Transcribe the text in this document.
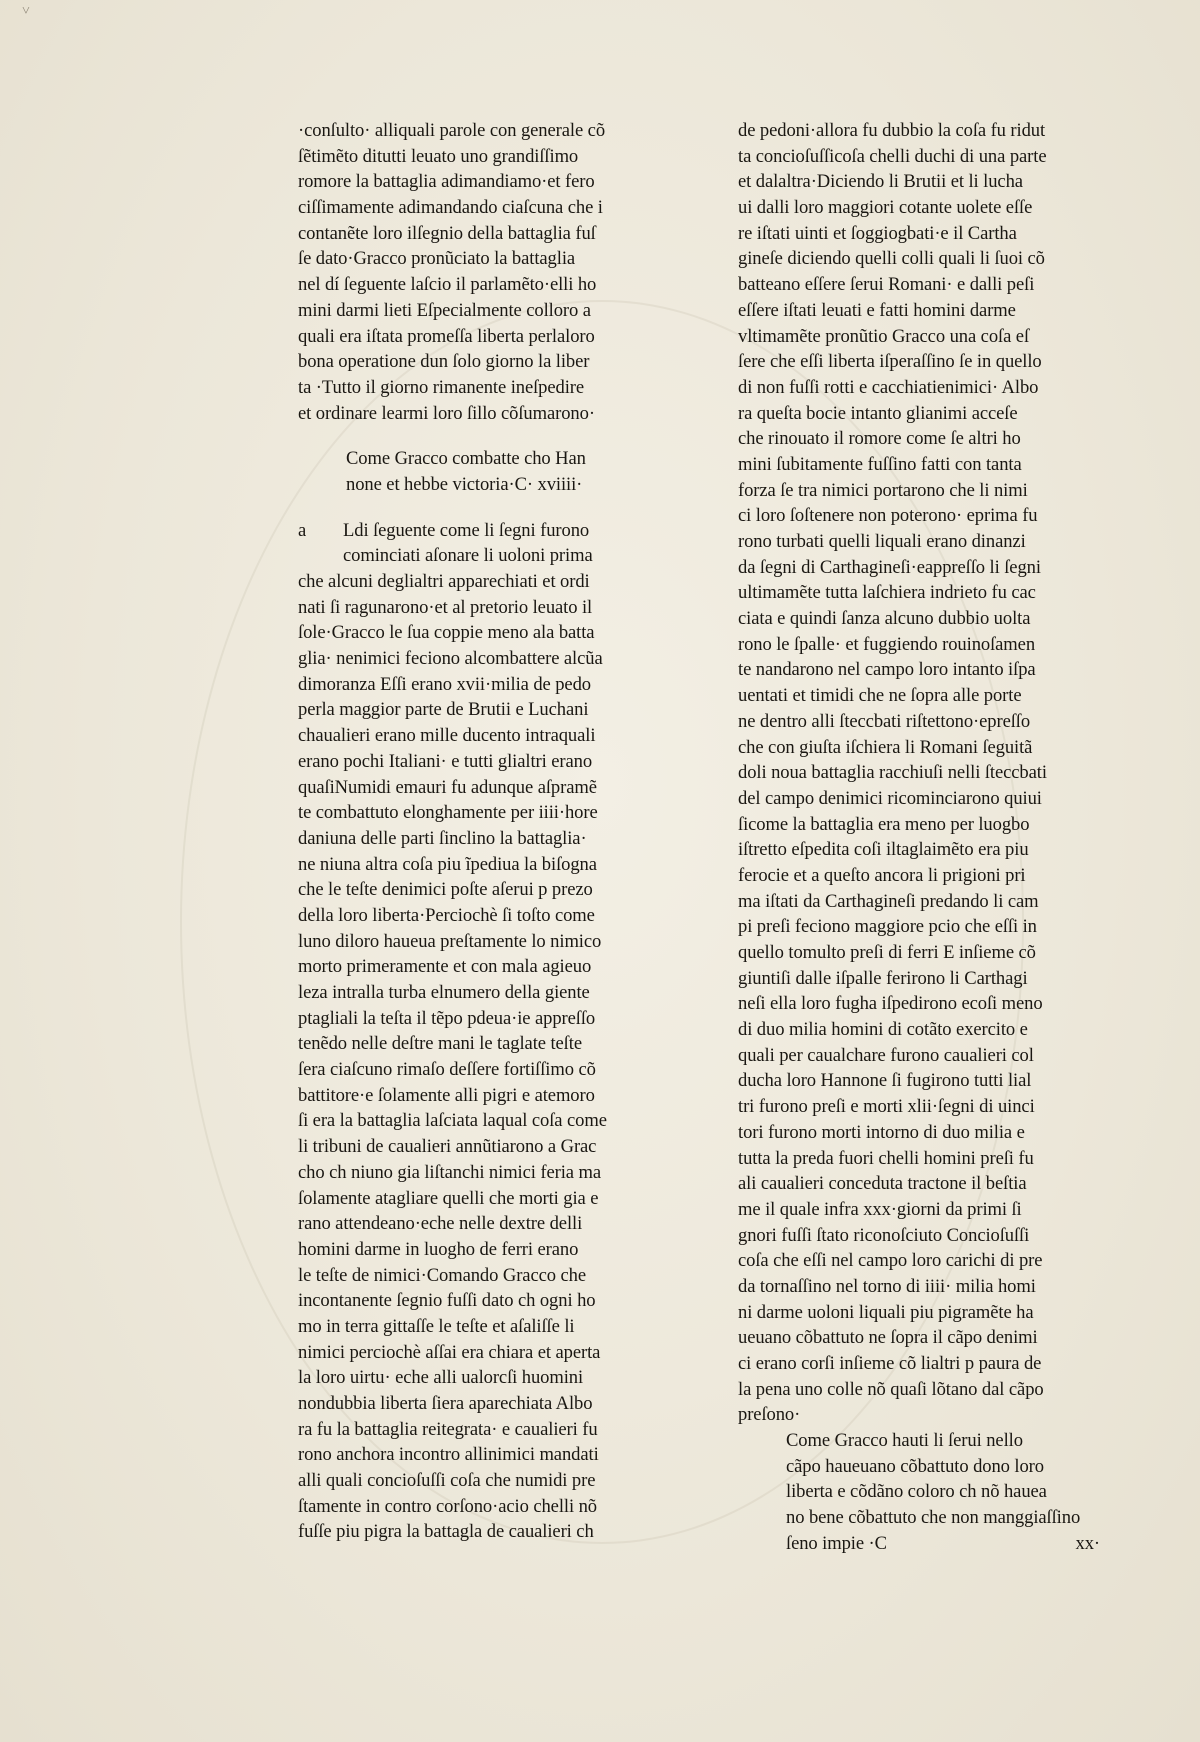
˅
·conſulto· alliquali parole con generale cõ
ſẽtimẽto ditutti leuato uno grandiſſimo
romore la battaglia adimandiamo·et fero
ciſſimamente adimandando ciaſcuna che i
contanẽte loro ilſegnio della battaglia fuſ
ſe dato·Gracco pronũciato la battaglia
nel dí ſeguente laſcio il parlamẽto·elli ho
mini darmi lieti Eſpecialmente colloro a
quali era iſtata promeſſa liberta perlaloro
bona operatione dun ſolo giorno la liber
ta ·Tutto il giorno rimanente ineſpedire
et ordinare learmi loro ſillo cõſumarono·
Come Gracco combatte cho Han
none et hebbe victoria·C· xviiii·
a Ldi ſeguente come li ſegni furono
cominciati aſonare li uoloni prima
che alcuni deglialtri apparechiati et ordi
nati ſi ragunarono·et al pretorio leuato il
ſole·Gracco le ſua coppie meno ala batta
glia· nenimici feciono alcombattere alcũa
dimoranza Eſſi erano xvii·milia de pedo
perla maggior parte de Brutii e Luchani
chaualieri erano mille ducento intraquali
erano pochi Italiani· e tutti glialtri erano
quaſiNumidi emauri fu adunque aſpramẽ
te combattuto elonghamente per iiii·hore
daniuna delle parti ſinclino la battaglia·
ne niuna altra coſa piu ĩpediua la biſogna
che le teſte denimici poſte aſerui p prezo
della loro liberta·Perciochè ſi toſto come
luno diloro haueua preſtamente lo nimico
morto primeramente et con mala agieuo
leza intralla turba elnumero della giente
ptagliali la teſta il tẽpo pdeua·ie appreſſo
tenẽdo nelle deſtre mani le taglate teſte
ſera ciaſcuno rimaſo deſſere fortiſſimo cõ
battitore·e ſolamente alli pigri e atemoro
ſi era la battaglia laſciata laqual coſa come
li tribuni de caualieri annũtiarono a Grac
cho ch niuno gia liſtanchi nimici feria ma
ſolamente atagliare quelli che morti gia e
rano attendeano·eche nelle dextre delli
homini darme in luogho de ferri erano
le teſte de nimici·Comando Gracco che
incontanente ſegnio fuſſi dato ch ogni ho
mo in terra gittaſſe le teſte et aſaliſſe li
nimici perciochè aſſai era chiara et aperta
la loro uirtu· eche alli ualorcſi huomini
nondubbia liberta ſiera aparechiata Albo
ra fu la battaglia reitegrata· e caualieri fu
rono anchora incontro allinimici mandati
alli quali concioſuſſi coſa che numidi pre
ſtamente in contro corſono·acio chelli nõ
fuſſe piu pigra la battagla de caualieri ch
de pedoni·allora fu dubbio la coſa fu ridut
ta concioſuſſicoſa chelli duchi di una parte
et dalaltra·Diciendo li Brutii et li lucha
ui dalli loro maggiori cotante uolete eſſe
re iſtati uinti et ſoggiogbati·e il Cartha
gineſe diciendo quelli colli quali li ſuoi cõ
batteano eſſere ſerui Romani· e dalli peſi
eſſere iſtati leuati e fatti homini darme
vltimamẽte pronũtio Gracco una coſa eſ
ſere che eſſi liberta iſperaſſino ſe in quello
di non fuſſi rotti e cacchiatienimici· Albo
ra queſta bocie intanto glianimi acceſe
che rinouato il romore come ſe altri ho
mini ſubitamente fuſſino fatti con tanta
forza ſe tra nimici portarono che li nimi
ci loro ſoſtenere non poterono· eprima fu
rono turbati quelli liquali erano dinanzi
da ſegni di Carthagineſi·eappreſſo li ſegni
ultimamẽte tutta laſchiera indrieto fu cac
ciata e quindi ſanza alcuno dubbio uolta
rono le ſpalle· et fuggiendo rouinoſamen
te nandarono nel campo loro intanto iſpa
uentati et timidi che ne ſopra alle porte
ne dentro alli ſteccbati riſtettono·epreſſo
che con giuſta iſchiera li Romani ſeguitã
doli noua battaglia racchiuſi nelli ſteccbati
del campo denimici ricominciarono quiui
ſicome la battaglia era meno per luogbo
iſtretto eſpedita coſi iltaglaimẽto era piu
ferocie et a queſto ancora li prigioni pri
ma iſtati da Carthagineſi predando li cam
pi preſi feciono maggiore pcio che eſſi in
quello tomulto preſi di ferri E inſieme cõ
giuntiſi dalle iſpalle ferirono li Carthagi
neſi ella loro fugha iſpedirono ecoſi meno
di duo milia homini di cotãto exercito e
quali per caualchare furono caualieri col
ducha loro Hannone ſi fugirono tutti lial
tri furono preſi e morti xlii·ſegni di uinci
tori furono morti intorno di duo milia e
tutta la preda fuori chelli homini preſi fu
ali caualieri conceduta tractone il beſtia
me il quale infra xxx·giorni da primi ſi
gnori fuſſi ſtato riconoſciuto Concioſuſſi
coſa che eſſi nel campo loro carichi di pre
da tornaſſino nel torno di iiii· milia homi
ni darme uoloni liquali piu pigramẽte ha
ueuano cõbattuto ne ſopra il cãpo denimi
ci erano corſi inſieme cõ lialtri p paura de
la pena uno colle nõ quaſi lõtano dal cãpo
preſono·
Come Gracco hauti li ſerui nello
cãpo haueuano cõbattuto dono loro
liberta e cõdãno coloro ch nõ hauea
no bene cõbattuto che non manggiaſſino
ſeno impie ·C	xx·
